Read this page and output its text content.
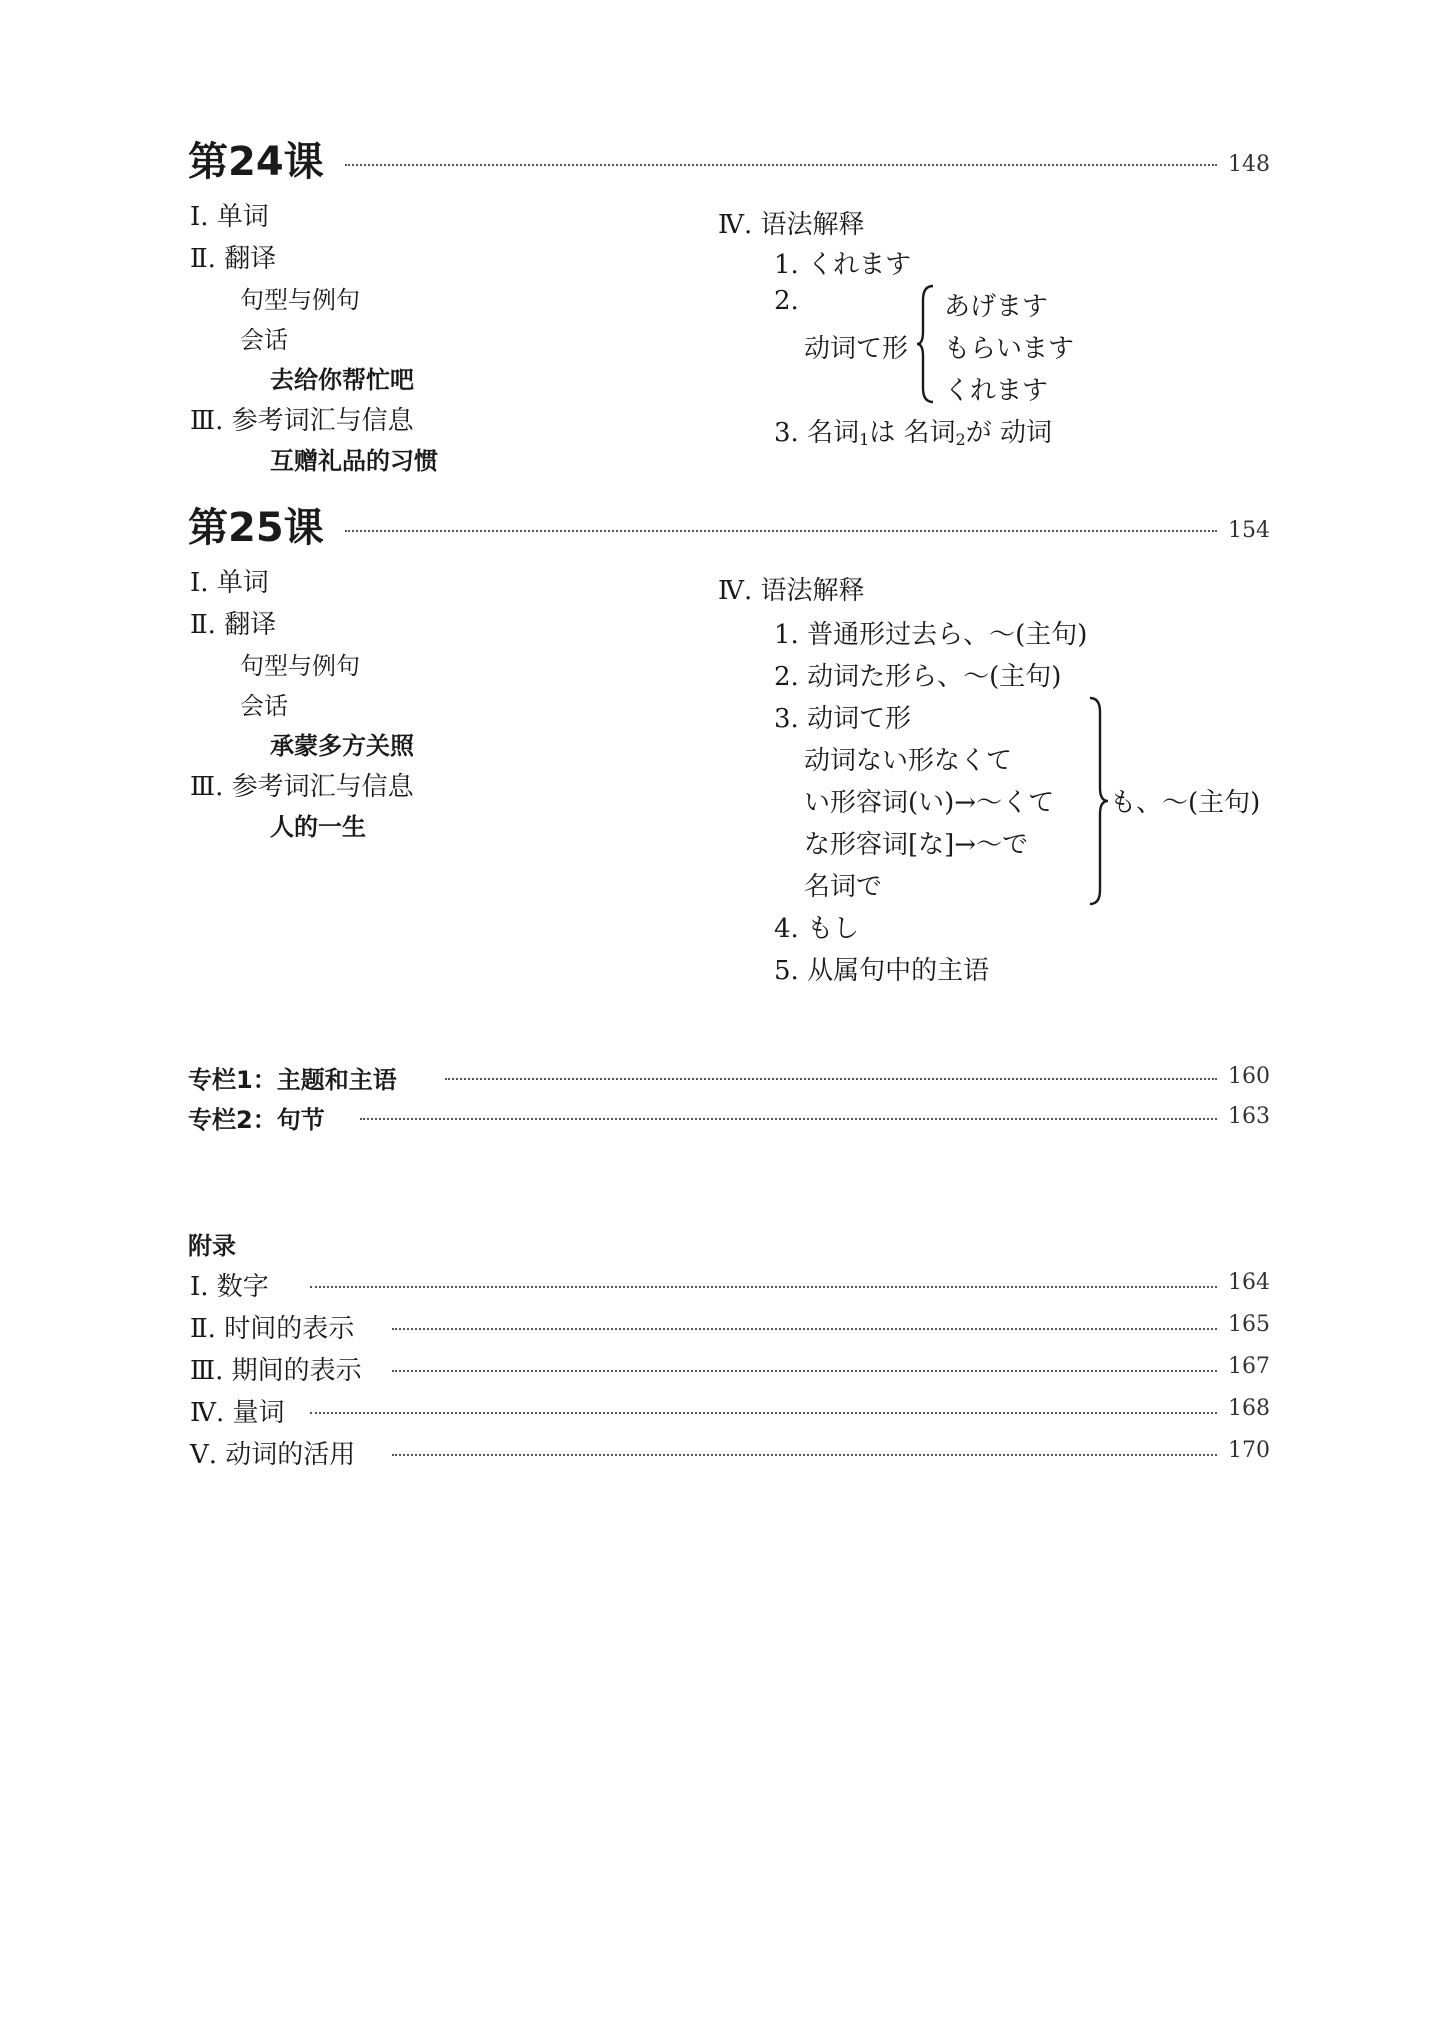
第24课	148
Ⅰ. 单词
Ⅱ. 翻译
句型与例句
会话
去给你帮忙吧
Ⅲ. 参考词汇与信息
互赠礼品的习惯
Ⅳ. 语法解释
1. くれます
2.
动词て形
あげます
もらいます
くれます
3. 名词$_1$は 名词$_2$が 动词
第25课	154
Ⅰ. 单词
Ⅱ. 翻译
句型与例句
会话
承蒙多方关照
Ⅲ. 参考词汇与信息
人的一生
Ⅳ. 语法解释
1. 普通形过去ら、～(主句)
2. 动词た形ら、～(主句)
3. 动词て形
动词ない形なくて
い形容词(い)→～くて
な形容词[な]→～で
名词で
も、～(主句)
4. もし
5. 从属句中的主语
专栏1：主题和主语	160
专栏2：句节	163
附录
Ⅰ. 数字	164
Ⅱ. 时间的表示	165
Ⅲ. 期间的表示	167
Ⅳ. 量词	168
Ⅴ. 动词的活用	170
